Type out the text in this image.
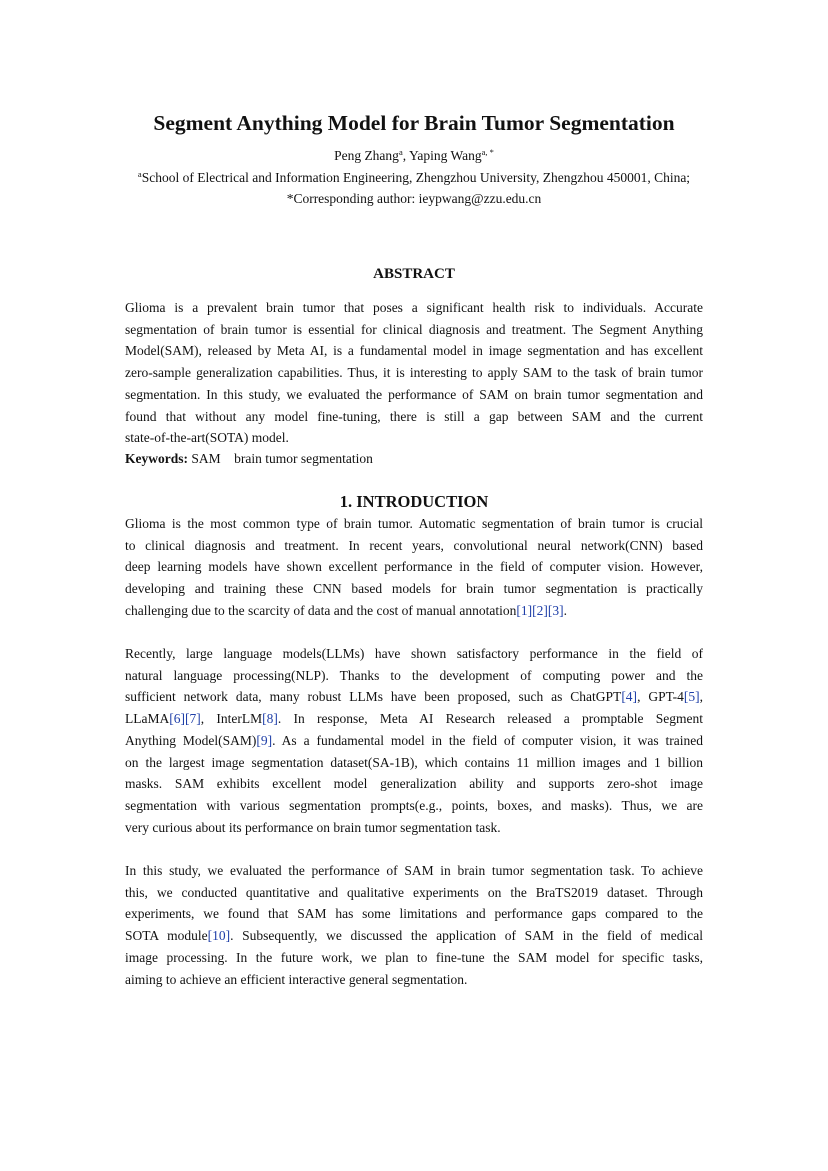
Segment Anything Model for Brain Tumor Segmentation
Peng Zhang$^a$, Yaping Wang$^{a, *}$
$^a$School of Electrical and Information Engineering, Zhengzhou University, Zhengzhou 450001, China;
*Corresponding author: ieypwang@zzu.edu.cn
ABSTRACT
Glioma is a prevalent brain tumor that poses a significant health risk to individuals. Accurate
segmentation of brain tumor is essential for clinical diagnosis and treatment. The Segment Anything
Model(SAM), released by Meta AI, is a fundamental model in image segmentation and has excellent
zero-sample generalization capabilities. Thus, it is interesting to apply SAM to the task of brain tumor
segmentation. In this study, we evaluated the performance of SAM on brain tumor segmentation and
found that without any model fine-tuning, there is still a gap between SAM and the current
state-of-the-art(SOTA) model.
Keywords: SAM brain tumor segmentation
1. INTRODUCTION
Glioma is the most common type of brain tumor. Automatic segmentation of brain tumor is crucial
to clinical diagnosis and treatment. In recent years, convolutional neural network(CNN) based
deep learning models have shown excellent performance in the field of computer vision. However,
developing and training these CNN based models for brain tumor segmentation is practically
challenging due to the scarcity of data and the cost of manual annotation[1][2][3].
Recently, large language models(LLMs) have shown satisfactory performance in the field of
natural language processing(NLP). Thanks to the development of computing power and the
sufficient network data, many robust LLMs have been proposed, such as ChatGPT[4], GPT-4[5],
LLaMA[6][7], InterLM[8]. In response, Meta AI Research released a promptable Segment
Anything Model(SAM)[9]. As a fundamental model in the field of computer vision, it was trained
on the largest image segmentation dataset(SA-1B), which contains 11 million images and 1 billion
masks. SAM exhibits excellent model generalization ability and supports zero-shot image
segmentation with various segmentation prompts(e.g., points, boxes, and masks). Thus, we are
very curious about its performance on brain tumor segmentation task.
In this study, we evaluated the performance of SAM in brain tumor segmentation task. To achieve
this, we conducted quantitative and qualitative experiments on the BraTS2019 dataset. Through
experiments, we found that SAM has some limitations and performance gaps compared to the
SOTA module[10]. Subsequently, we discussed the application of SAM in the field of medical
image processing. In the future work, we plan to fine-tune the SAM model for specific tasks,
aiming to achieve an efficient interactive general segmentation.
